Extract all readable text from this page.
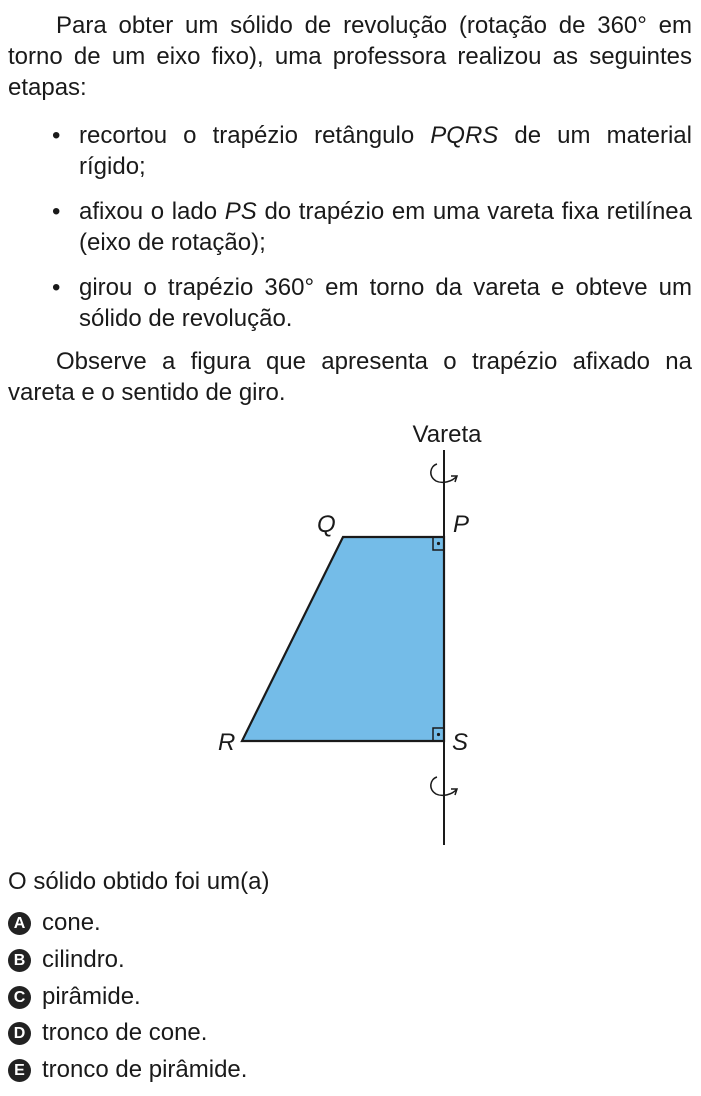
Para obter um sólido de revolução (rotação de 360° em torno de um eixo fixo), uma professora realizou as seguintes etapas:

• recortou o trapézio retângulo PQRS de um material rígido;
• afixou o lado PS do trapézio em uma vareta fixa retilínea (eixo de rotação);
• girou o trapézio 360° em torno da vareta e obteve um sólido de revolução.

Observe a figura que apresenta o trapézio afixado na vareta e o sentido de giro.

Vareta
Q	P
R	S
O sólido obtido foi um(a)
A cone.
B cilindro.
C pirâmide.
D tronco de cone.
E tronco de pirâmide.
